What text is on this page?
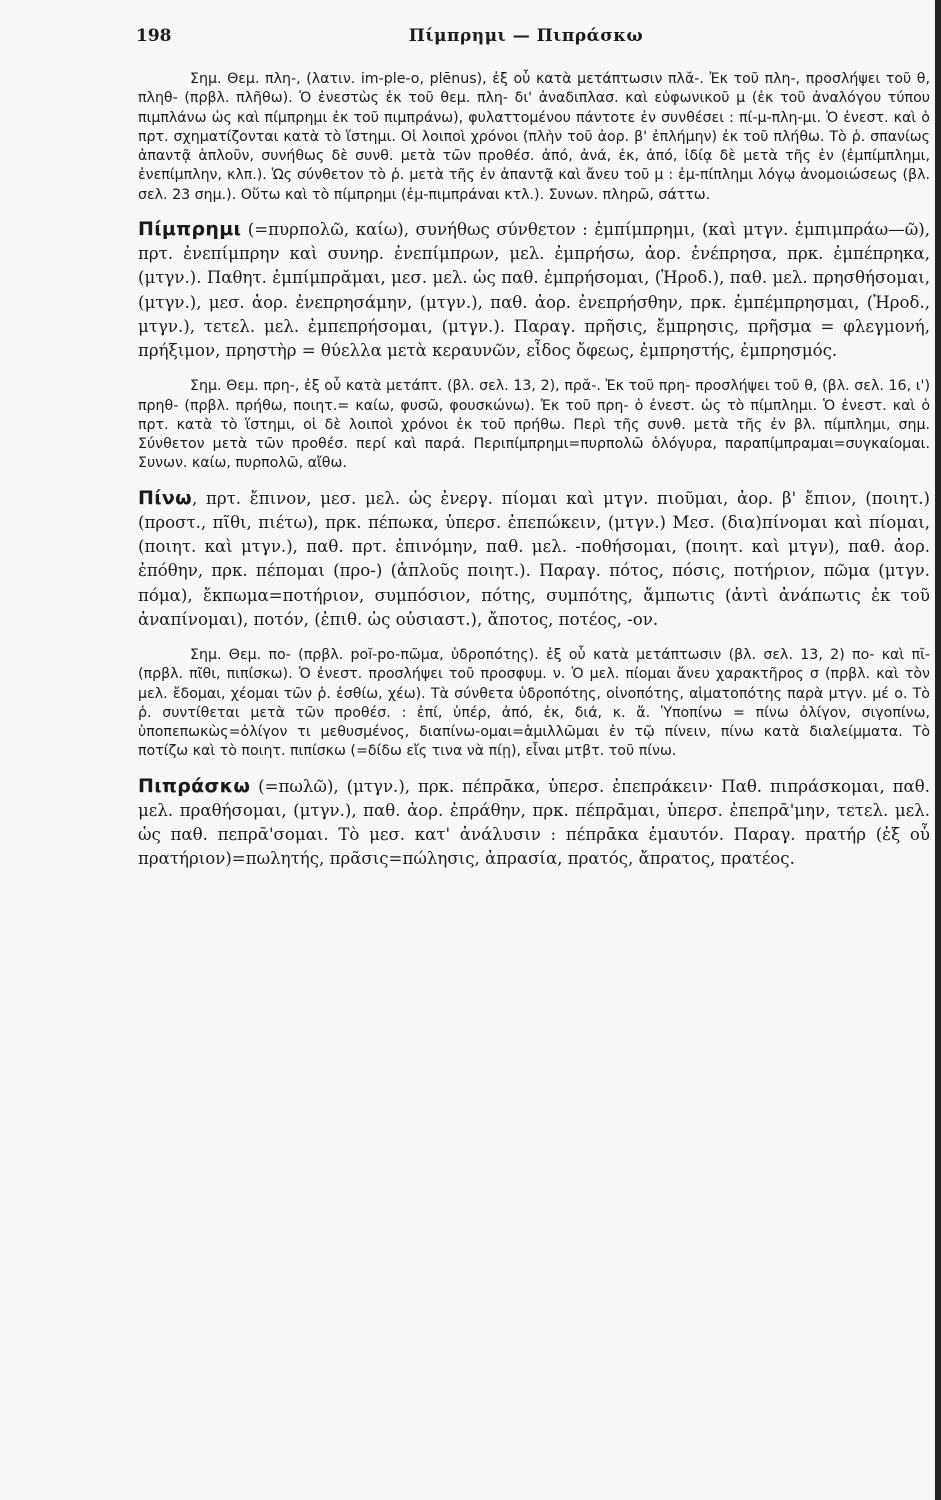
198	Πίμπρημι — Πιπράσκω

Σημ. Θεμ. πλη-, (λατιν. im-ple-o, plēnus), ἐξ οὗ κατὰ μετάπτωσιν πλᾰ-. Ἐκ τοῦ πλη-, προσλήψει τοῦ θ, πληθ- (πρβλ. πλῆθω). Ὁ ἐνεστὼς ἐκ τοῦ θεμ. πλη- δι' ἀναδιπλασ. καὶ εὐφωνικοῦ μ (ἐκ τοῦ ἀναλόγου τύπου πιμπλάνω ὡς καὶ πίμπρημι ἐκ τοῦ πιμπράνω), φυλαττομένου πάντοτε ἐν συνθέσει : πί-μ-πλη-μι. Ὁ ἐνεστ. καὶ ὁ πρτ. σχηματίζονται κατὰ τὸ ἵστημι. Οἱ λοιποὶ χρόνοι (πλὴν τοῦ ἀορ. β' ἐπλήμην) ἐκ τοῦ πλήθω. Τὸ ῥ. σπανίως ἀπαντᾷ ἁπλοῦν, συνήθως δὲ συνθ. μετὰ τῶν προθέσ. ἀπό, ἀνά, ἐκ, ἀπό, ἰδίᾳ δὲ μετὰ τῆς ἐν (ἐμπίμπλημι, ἐνεπίμπλην, κλπ.). Ὡς σύνθετον τὸ ῥ. μετὰ τῆς ἐν ἀπαντᾷ καὶ ἄνευ τοῦ μ : ἐμ-πίπλημι λόγῳ ἀνομοιώσεως (βλ. σελ. 23 σημ.). Οὕτω καὶ τὸ πίμπρημι (ἐμ-πιμπράναι κτλ.). Συνων. πληρῶ, σάττω.

Πίμπρημι (=πυρπολῶ, καίω), συνήθως σύνθετον : ἐμπίμπρημι, (καὶ μτγν. ἐμπιμπράω—ῶ), πρτ. ἐνεπίμπρην καὶ συνηρ. ἐνεπίμπρων, μελ. ἐμπρήσω, ἀορ. ἐνέπρησα, πρκ. ἐμπέπρηκα, (μτγν.). Παθητ. ἐμπίμπρᾰμαι, μεσ. μελ. ὡς παθ. ἐμπρήσομαι, (Ἡροδ.), παθ. μελ. πρησθήσομαι, (μτγν.), μεσ. ἀορ. ἐνεπρησάμην, (μτγν.), παθ. ἀορ. ἐνεπρήσθην, πρκ. ἐμπέμπρησμαι, (Ἡροδ., μτγν.), τετελ. μελ. ἐμπεπρήσομαι, (μτγν.). Παραγ. πρῆσις, ἔμπρησις, πρῆσμα = φλεγμονή, πρήξιμον, πρηστὴρ = θύελλα μετὰ κεραυνῶν, εἶδος ὄφεως, ἐμπρηστής, ἐμπρησμός.

Σημ. Θεμ. πρη-, ἐξ οὗ κατὰ μετάπτ. (βλ. σελ. 13, 2), πρᾰ-. Ἐκ τοῦ πρη- προσλήψει τοῦ θ, (βλ. σελ. 16, ι') πρηθ- (πρβλ. πρήθω, ποιητ.= καίω, φυσῶ, φουσκώνω). Ἐκ τοῦ πρη- ὁ ἐνεστ. ὡς τὸ πίμπλημι. Ὁ ἐνεστ. καὶ ὁ πρτ. κατὰ τὸ ἵστημι, οἱ δὲ λοιποὶ χρόνοι ἐκ τοῦ πρήθω. Περὶ τῆς συνθ. μετὰ τῆς ἐν βλ. πίμπλημι, σημ. Σύνθετον μετὰ τῶν προθέσ. περί καὶ παρά. Περιπίμπρημι=πυρπολῶ ὁλόγυρα, παραπίμπραμαι=συγκαίομαι. Συνων. καίω, πυρπολῶ, αἴθω.

Πίνω, πρτ. ἔπινον, μεσ. μελ. ὡς ἐνεργ. πίομαι καὶ μτγν. πιοῦμαι, ἀορ. β' ἔπιον, (ποιητ.) (προστ., πῖθι, πιέτω), πρκ. πέπωκα, ὑπερσ. ἐπεπώκειν, (μτγν.) Μεσ. (δια)πίνομαι καὶ πίομαι, (ποιητ. καὶ μτγν.), παθ. πρτ. ἐπινόμην, παθ. μελ. -ποθήσομαι, (ποιητ. καὶ μτγν), παθ. ἀορ. ἐπόθην, πρκ. πέπομαι (προ-) (ἁπλοῦς ποιητ.). Παραγ. πότος, πόσις, ποτήριον, πῶμα (μτγν. πόμα), ἔκπωμα=ποτήριον, συμπόσιον, πότης, συμπότης, ἄμπωτις (ἀντὶ ἀνάπωτις ἐκ τοῦ ἀναπίνομαι), ποτόν, (ἐπιθ. ὡς οὐσιαστ.), ἄποτος, ποτέος, -ον.

Σημ. Θεμ. πο- (πρβλ. poĭ-po-πῶμα, ὑδροπότης). ἐξ οὗ κατὰ μετάπτωσιν (βλ. σελ. 13, 2) πο- καὶ πῐ- (πρβλ. πῖθι, πιπίσκω). Ὁ ἐνεστ. προσλήψει τοῦ προσφυμ. ν. Ὁ μελ. πίομαι ἄνευ χαρακτῆρος σ (πρβλ. καὶ τὸν μελ. ἔδομαι, χέομαι τῶν ῥ. ἐσθίω, χέω). Τὰ σύνθετα ὑδροπότης, οἰνοπότης, αἱματοπότης παρὰ μτγν. μέ ο. Τὸ ῥ. συντίθεται μετὰ τῶν προθέσ. : ἐπί, ὑπέρ, ἀπό, ἐκ, διά, κ. ἄ. Ὑποπίνω = πίνω ὀλίγον, σιγοπίνω, ὑποπεπωκὼς=ὀλίγον τι μεθυσμένος, διαπίνω-ομαι=ἁμιλλῶμαι ἐν τῷ πίνειν, πίνω κατὰ διαλείμματα. Τὸ ποτίζω καὶ τὸ ποιητ. πιπίσκω (=δίδω εἴς τινα νὰ πίῃ), εἶναι μτβτ. τοῦ πίνω.

Πιπράσκω (=πωλῶ), (μτγν.), πρκ. πέπρᾱκα, ὑπερσ. ἐπεπράκειν· Παθ. πιπράσκομαι, παθ. μελ. πραθήσομαι, (μτγν.), παθ. ἀορ. ἐπράθην, πρκ. πέπρᾱμαι, ὑπερσ. ἐπεπρᾱ'μην, τετελ. μελ. ὡς παθ. πεπρᾱ'σομαι. Τὸ μεσ. κατ' ἀνάλυσιν : πέπρᾱκα ἐμαυτόν. Παραγ. πρατήρ (ἐξ οὗ πρατήριον)=πωλητής, πρᾶσις=πώλησις, ἀπρασία, πρατός, ἄπρατος, πρατέος.
